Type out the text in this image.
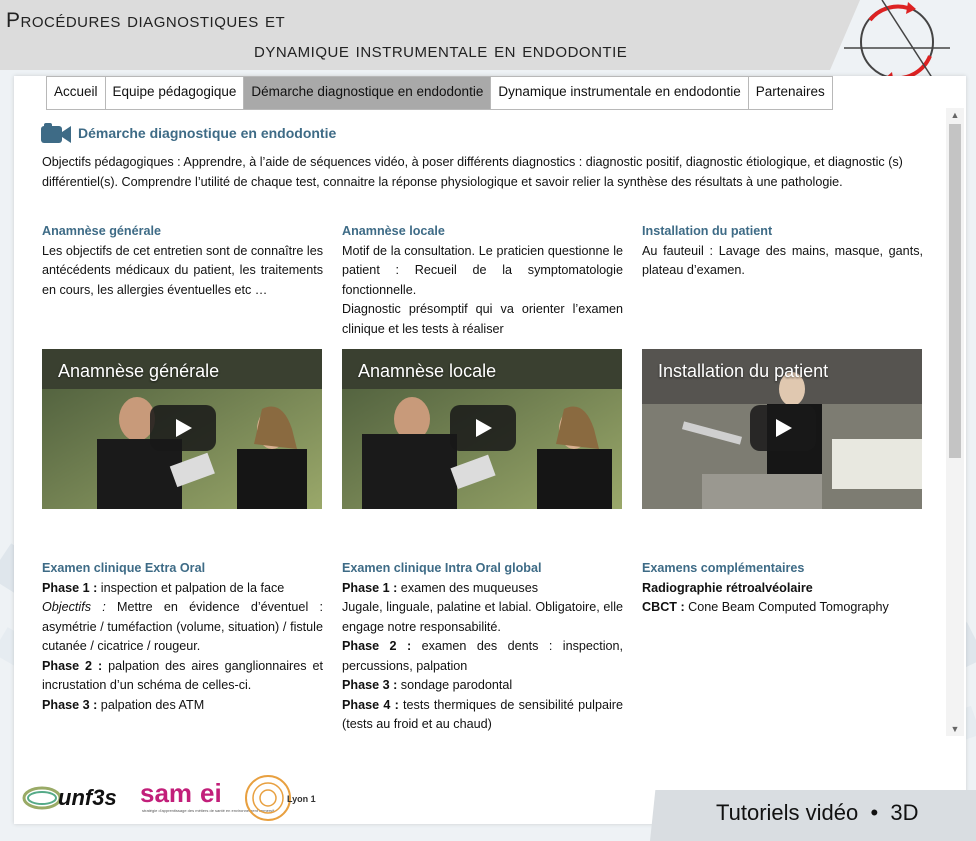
Procédures diagnostiques et
dynamique instrumentale en endodontie
Accueil	Equipe pédagogique	Démarche diagnostique en endodontie	Dynamique instrumentale en endodontie	Partenaires
Démarche diagnostique en endodontie
Objectifs pédagogiques : Apprendre, à l’aide de séquences vidéo, à poser différents diagnostics : diagnostic positif, diagnostic étiologique, et diagnostic (s) différentiel(s). Comprendre l’utilité de chaque test, connaitre la réponse physiologique et savoir relier la synthèse des résultats à une pathologie.
Anamnèse générale

Les objectifs de cet entretien sont de connaître les antécédents médicaux du patient, les traitements en cours, les allergies éventuelles etc …

Anamnèse locale

Motif de la consultation. Le praticien questionne le patient : Recueil de la symptomatologie fonctionnelle.

Diagnostic présomptif qui va orienter l’examen clinique et les tests à réaliser

Installation du patient

Au fauteuil : Lavage des mains, masque, gants, plateau d’examen.

Anamnèse générale	Anamnèse locale	Installation du patient
Examen clinique Extra Oral

Phase 1 : inspection et palpation de la face

Objectifs : Mettre en évidence d’éventuel : asymétrie / tuméfaction (volume, situation) / fistule cutanée / cicatrice / rougeur.

Phase 2 : palpation des aires ganglionnaires et incrustation d’un schéma de celles-ci.

Phase 3 : palpation des ATM

Examen clinique Intra Oral global

Phase 1 : examen des muqueuses

Jugale, linguale, palatine et labial. Obligatoire, elle engage notre responsabilité.

Phase 2 : examen des dents : inspection, percussions, palpation

Phase 3 : sondage parodontal

Phase 4 : tests thermiques de sensibilité pulpaire (tests au froid et au chaud)

Examens complémentaires

Radiographie rétroalvéolaire

CBCT : Cone Beam Computed Tomography

▲
▼
unf3s sam ei
stratégie d'apprentissage des métiers de santé en environnement immersif
Lyon 1
Tutoriels vidéo  •  3D
